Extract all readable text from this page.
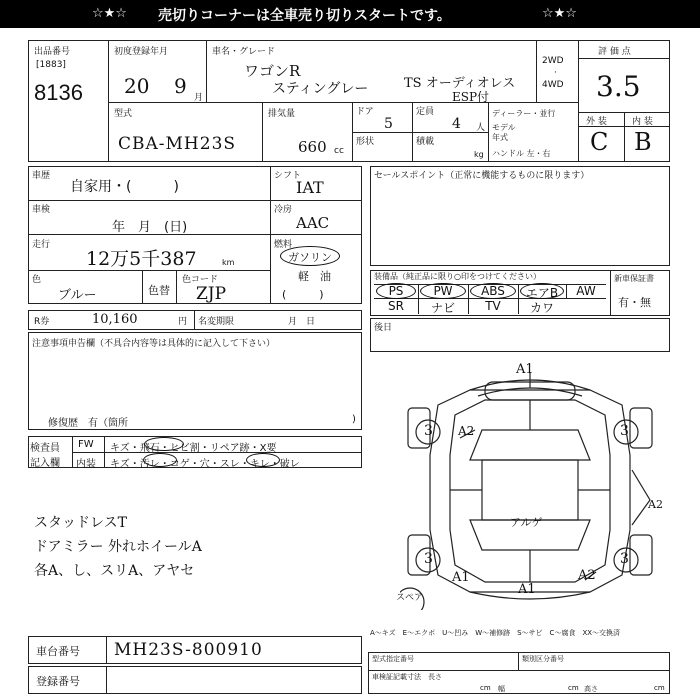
☆★☆ 売切りコーナーは全車売り切りスタートです。	☆★☆
出品番号
[1883]
8136
初度登録年月
20 9 月
車名・グレード
ワゴンR
スティングレー	TS オーディオレス
ESP付
2WD
·
4WD
評 価 点
3.5
型式
CBA-MH23S
排気量
660 cc
ドア
5
定員
4 人
形状	積載
kg
ディーラー・並行
モデル
年式
ハンドル 左・右
外 装	内 装
C B
車歴
自家用・(　　　)
シフト
IAT
車検
年　月　(日)
冷房
AAC
走行
12万5千387	km
燃料
ガソリン
軽　油
(　　　)
色
ブルー	色替
色コード
ZJP
R券	10,160	円 名変期限	月　日
注意事項申告欄（不具合内容等は具体的に記入して下さい）
修復歴　有（箇所	)
セールスポイント（正常に機能するものに限ります）
装備品（純正品に限り○印をつけてください）	新車保証書
有・無
PS	PW	ABS	エアB	AW
SR	ナビ	TV	カワ
後日
検査員
記入欄
FW キズ・飛石・ヒビ割・リペア跡・X要
内装 キズ・汚レ・コゲ・穴・スレ・キレ・破レ
スタッドレスT
ドアミラー 外れホイールA
各A、し、スリA、アヤセ
A1
A2
3	3
3	3
A2
A1
A1
A2
アルゲ
スペア
A～キズ　E～エクボ　U～凹み　W～補修跡　S～サビ　C～腐食　XX～交換済
車台番号 MH23S-800910
登録番号
型式指定番号	類別区分番号
車検証記載寸法　長さ
cm 幅	cm 高さ	cm
